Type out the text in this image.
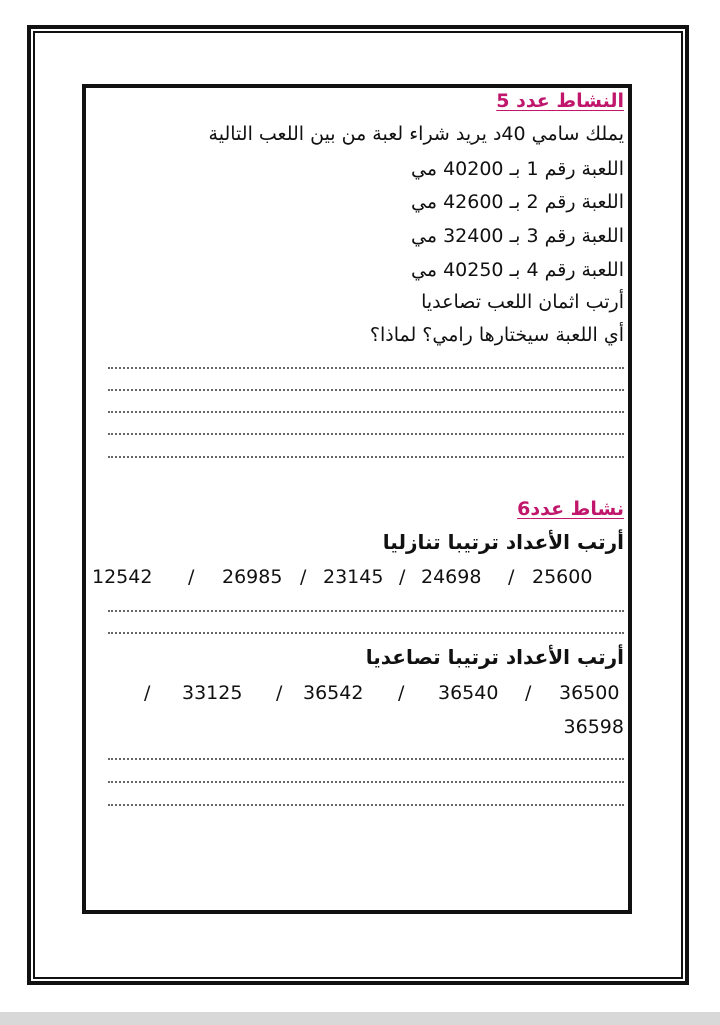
النشاط عدد 5
يملك سامي 40د يريد شراء لعبة من بين اللعب التالية
اللعبة رقم 1 بـ 40200 مي
اللعبة رقم 2 بـ 42600 مي
اللعبة رقم 3 بـ 32400 مي
اللعبة رقم 4 بـ 40250 مي
أرتب اثمان اللعب تصاعديا
أي اللعبة سيختارها رامي؟ لماذا؟
نشاط عدد6
أرتب الأعداد ترتيبا تنازليا
25600
/
24698
/
23145
/
26985
/
12542
أرتب الأعداد ترتيبا تصاعديا
36500
/
36540
/
36542
/
33125
/
36598
